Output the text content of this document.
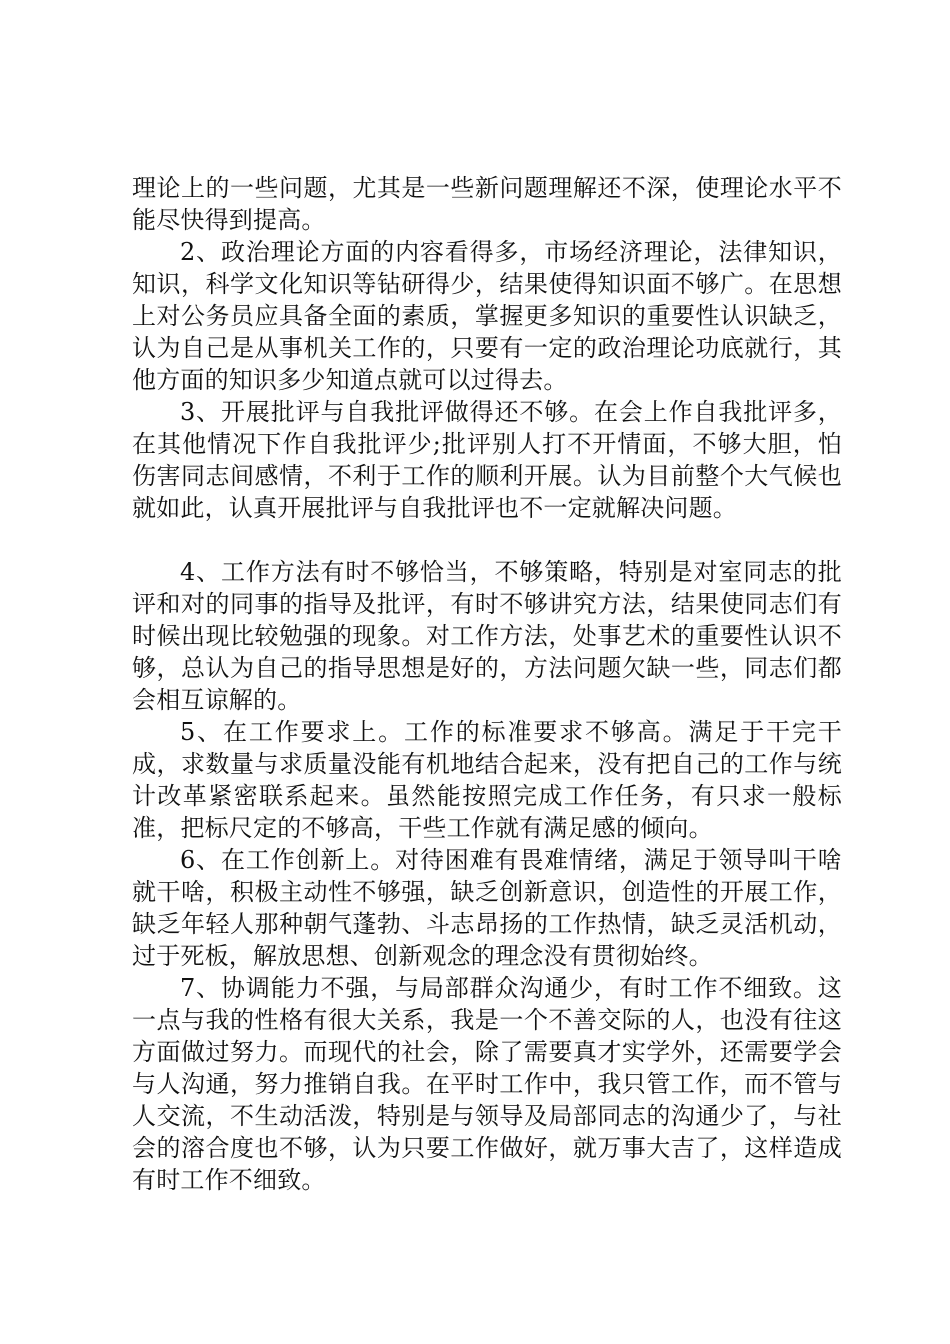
理论上的一些问题，尤其是一些新问题理解还不深，使理论水平不能尽快得到提高。

2、政治理论方面的内容看得多，市场经济理论，法律知识，知识，科学文化知识等钻研得少，结果使得知识面不够广。在思想上对公务员应具备全面的素质，掌握更多知识的重要性认识缺乏，认为自己是从事机关工作的，只要有一定的政治理论功底就行，其他方面的知识多少知道点就可以过得去。

3、开展批评与自我批评做得还不够。在会上作自我批评多，在其他情况下作自我批评少;批评别人打不开情面，不够大胆，怕伤害同志间感情，不利于工作的顺利开展。认为目前整个大气候也就如此，认真开展批评与自我批评也不一定就解决问题。

4、工作方法有时不够恰当，不够策略，特别是对室同志的批评和对的同事的指导及批评，有时不够讲究方法，结果使同志们有时候出现比较勉强的现象。对工作方法，处事艺术的重要性认识不够，总认为自己的指导思想是好的，方法问题欠缺一些，同志们都会相互谅解的。

5、在工作要求上。工作的标准要求不够高。满足于干完干成，求数量与求质量没能有机地结合起来，没有把自己的工作与统计改革紧密联系起来。虽然能按照完成工作任务，有只求一般标准，把标尺定的不够高，干些工作就有满足感的倾向。

6、在工作创新上。对待困难有畏难情绪，满足于领导叫干啥就干啥，积极主动性不够强，缺乏创新意识，创造性的开展工作，缺乏年轻人那种朝气蓬勃、斗志昂扬的工作热情，缺乏灵活机动，过于死板，解放思想、创新观念的理念没有贯彻始终。

7、协调能力不强，与局部群众沟通少，有时工作不细致。这一点与我的性格有很大关系，我是一个不善交际的人，也没有往这方面做过努力。而现代的社会，除了需要真才实学外，还需要学会与人沟通，努力推销自我。在平时工作中，我只管工作，而不管与人交流，不生动活泼，特别是与领导及局部同志的沟通少了，与社会的溶合度也不够，认为只要工作做好，就万事大吉了，这样造成有时工作不细致。
